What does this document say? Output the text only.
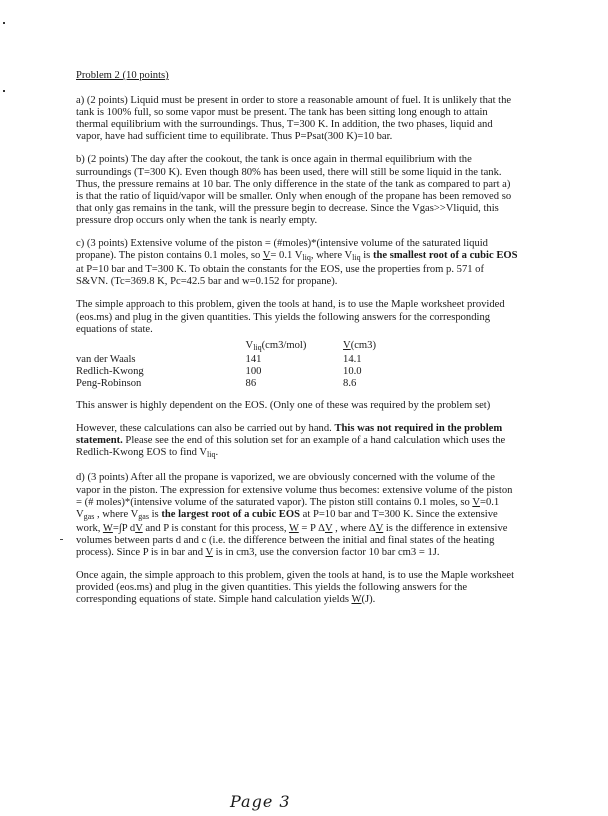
Problem 2 (10 points)

a) (2 points) Liquid must be present in order to store a reasonable amount of fuel. It is unlikely that the tank is 100% full, so some vapor must be present. The tank has been sitting long enough to attain thermal equilibrium with the surroundings. Thus, T=300 K. In addition, the two phases, liquid and vapor, have had sufficient time to equilibrate. Thus P=Psat(300 K)=10 bar.

b) (2 points) The day after the cookout, the tank is once again in thermal equilibrium with the surroundings (T=300 K). Even though 80% has been used, there will still be some liquid in the tank. Thus, the pressure remains at 10 bar. The only difference in the state of the tank as compared to part a) is that the ratio of liquid/vapor will be smaller. Only when enough of the propane has been removed so that only gas remains in the tank, will the pressure begin to decrease. Since the Vgas>>Vliquid, this pressure drop occurs only when the tank is nearly empty.

c) (3 points) Extensive volume of the piston = (#moles)*(intensive volume of the saturated liquid propane). The piston contains 0.1 moles, so V= 0.1 $V_{liq}$, where $V_{liq}$ is the smallest root of a cubic EOS at P=10 bar and T=300 K. To obtain the constants for the EOS, use the properties from p. 571 of S&VN. (Tc=369.8 K, Pc=42.5 bar and w=0.152 for propane).

The simple approach to this problem, given the tools at hand, is to use the Maple worksheet provided (eos.ms) and plug in the given quantities. This yields the following answers for the corresponding equations of state.

	$V_{liq}(cm3/mol)$	V(cm3)
van der Waals	141	14.1
Redlich-Kwong	100	10.0
Peng-Robinson	86	8.6

This answer is highly dependent on the EOS. (Only one of these was required by the problem set)

However, these calculations can also be carried out by hand. This was not required in the problem statement. Please see the end of this solution set for an example of a hand calculation which uses the Redlich-Kwong EOS to find $V_{liq}$.

d) (3 points) After all the propane is vaporized, we are obviously concerned with the volume of the vapor in the piston. The expression for extensive volume thus becomes: extensive volume of the piston = (# moles)*(intensive volume of the saturated vapor). The piston still contains 0.1 moles, so V=0.1 $V_{gas}$ , where $V_{gas}$ is the largest root of a cubic EOS at P=10 bar and T=300 K. Since the extensive work, W=∫P dV and P is constant for this process, W = P ΔV , where ΔV is the difference in extensive volumes between parts d and c (i.e. the difference between the initial and final states of the heating process). Since P is in bar and V is in cm3, use the conversion factor 10 bar cm3 = 1J.

Once again, the simple approach to this problem, given the tools at hand, is to use the Maple worksheet provided (eos.ms) and plug in the given quantities. This yields the following answers for the corresponding equations of state. Simple hand calculation yields W(J).

Page 3
